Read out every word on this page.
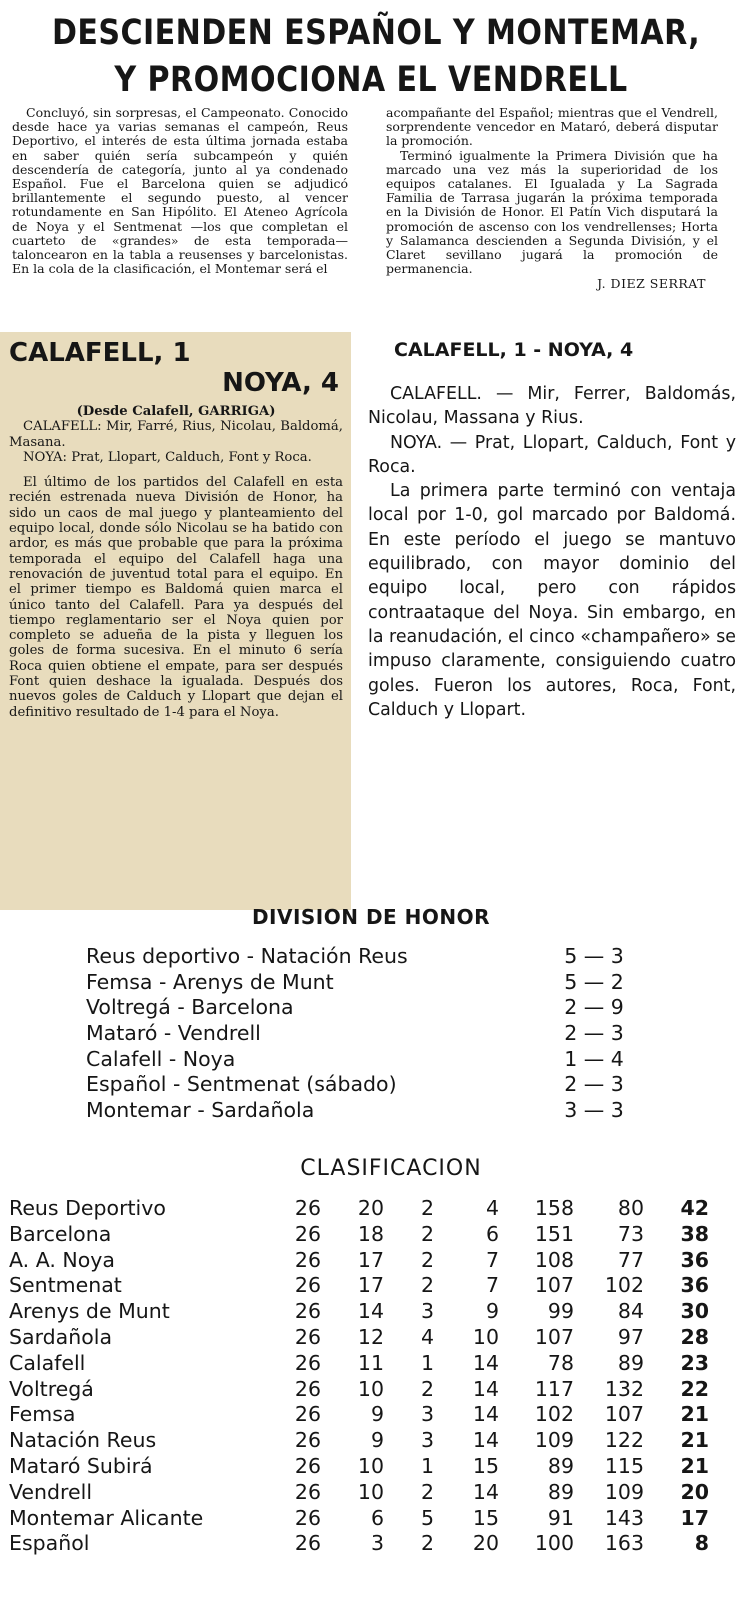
DESCIENDEN ESPAÑOL Y MONTEMAR,
Y PROMOCIONA EL VENDRELL

Concluyó, sin sorpresas, el Campeonato. Conocido desde hace ya varias semanas el campeón, Reus Deportivo, el interés de esta última jornada estaba en saber quién sería subcampeón y quién descendería de categoría, junto al ya condenado Español. Fue el Barcelona quien se adjudicó brillantemente el segundo puesto, al vencer rotundamente en San Hipólito. El Ateneo Agrícola de Noya y el Sentmenat —los que completan el cuarteto de «grandes» de esta temporada— taloncearon en la tabla a reusenses y barcelonistas. En la cola de la clasificación, el Montemar será el

acompañante del Español; mientras que el Vendrell, sorprendente vencedor en Mataró, deberá disputar la promoción.

Terminó igualmente la Primera División que ha marcado una vez más la superioridad de los equipos catalanes. El Igualada y La Sagrada Familia de Tarrasa jugarán la próxima temporada en la División de Honor. El Patín Vich disputará la promoción de ascenso con los vendrellenses; Horta y Salamanca descienden a Segunda División, y el Claret sevillano jugará la promoción de permanencia.

J. DIEZ SERRAT
CALAFELL, 1
NOYA, 4
(Desde Calafell, GARRIGA)

CALAFELL: Mir, Farré, Rius, Nicolau, Baldomá, Masana.

NOYA: Prat, Llopart, Calduch, Font y Roca.

El último de los partidos del Calafell en esta recién estrenada nueva División de Honor, ha sido un caos de mal juego y planteamiento del equipo local, donde sólo Nicolau se ha batido con ardor, es más que probable que para la próxima temporada el equipo del Calafell haga una renovación de juventud total para el equipo. En el primer tiempo es Baldomá quien marca el único tanto del Calafell. Para ya después del tiempo reglamentario ser el Noya quien por completo se adueña de la pista y lleguen los goles de forma sucesiva. En el minuto 6 sería Roca quien obtiene el empate, para ser después Font quien deshace la igualada. Después dos nuevos goles de Calduch y Llopart que dejan el definitivo resultado de 1-4 para el Noya.

CALAFELL, 1 - NOYA, 4

CALAFELL. — Mir, Ferrer, Baldomás, Nicolau, Massana y Rius.

NOYA. — Prat, Llopart, Calduch, Font y Roca.

La primera parte terminó con ventaja local por 1-0, gol marcado por Baldomá. En este período el juego se mantuvo equilibrado, con mayor dominio del equipo local, pero con rápidos contraataque del Noya. Sin embargo, en la reanudación, el cinco «champañero» se impuso claramente, consiguiendo cuatro goles. Fueron los autores, Roca, Font, Calduch y Llopart.

DIVISION DE HONOR
Reus deportivo - Natación Reus	5 — 3
Femsa - Arenys de Munt	5 — 2
Voltregá - Barcelona	2 — 9
Mataró - Vendrell	2 — 3
Calafell - Noya	1 — 4
Español - Sentmenat (sábado)	2 — 3
Montemar - Sardañola	3 — 3
CLASIFICACION
Reus Deportivo	26	20	2	4	158	80	42
Barcelona	26	18	2	6	151	73	38
A. A. Noya	26	17	2	7	108	77	36
Sentmenat	26	17	2	7	107	102	36
Arenys de Munt	26	14	3	9	99	84	30
Sardañola	26	12	4	10	107	97	28
Calafell	26	11	1	14	78	89	23
Voltregá	26	10	2	14	117	132	22
Femsa	26	9	3	14	102	107	21
Natación Reus	26	9	3	14	109	122	21
Mataró Subirá	26	10	1	15	89	115	21
Vendrell	26	10	2	14	89	109	20
Montemar Alicante	26	6	5	15	91	143	17
Español	26	3	2	20	100	163	8
